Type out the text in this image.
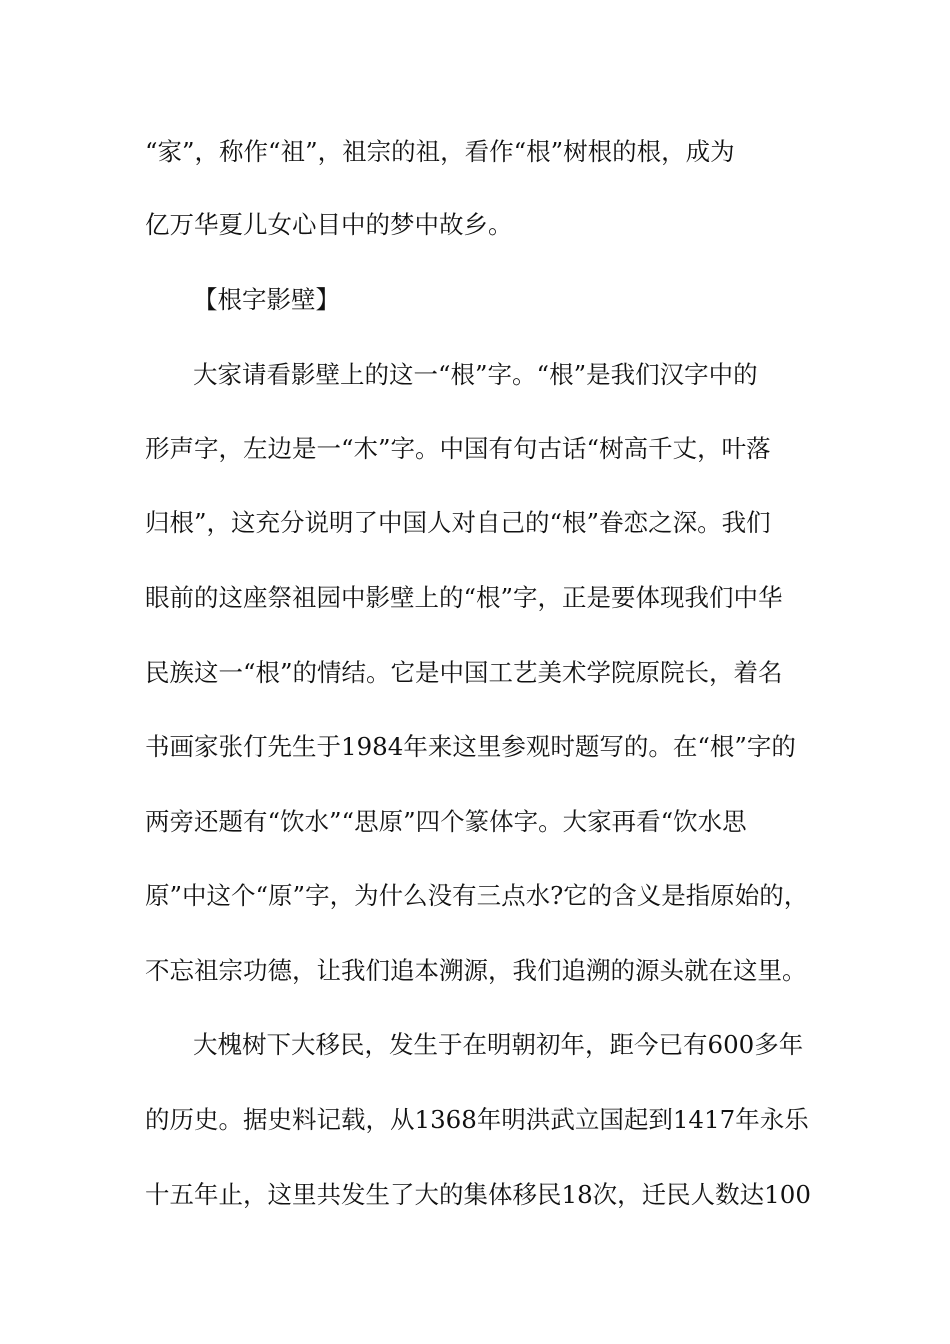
“家”，称作“祖”，祖宗的祖，看作“根”树根的根，成为
亿万华夏儿女心目中的梦中故乡。
【根字影壁】
大家请看影壁上的这一“根”字。“根”是我们汉字中的
形声字，左边是一“木”字。中国有句古话“树高千丈，叶落
归根”，这充分说明了中国人对自己的“根”眷恋之深。我们
眼前的这座祭祖园中影壁上的“根”字，正是要体现我们中华
民族这一“根”的情结。它是中国工艺美术学院原院长，着名
书画家张仃先生于1984年来这里参观时题写的。在“根”字的
两旁还题有“饮水”“思原”四个篆体字。大家再看“饮水思
原”中这个“原”字，为什么没有三点水?它的含义是指原始的，
不忘祖宗功德，让我们追本溯源，我们追溯的源头就在这里。
大槐树下大移民，发生于在明朝初年，距今已有600多年
的历史。据史料记载，从1368年明洪武立国起到1417年永乐
十五年止，这里共发生了大的集体移民18次，迁民人数达100
